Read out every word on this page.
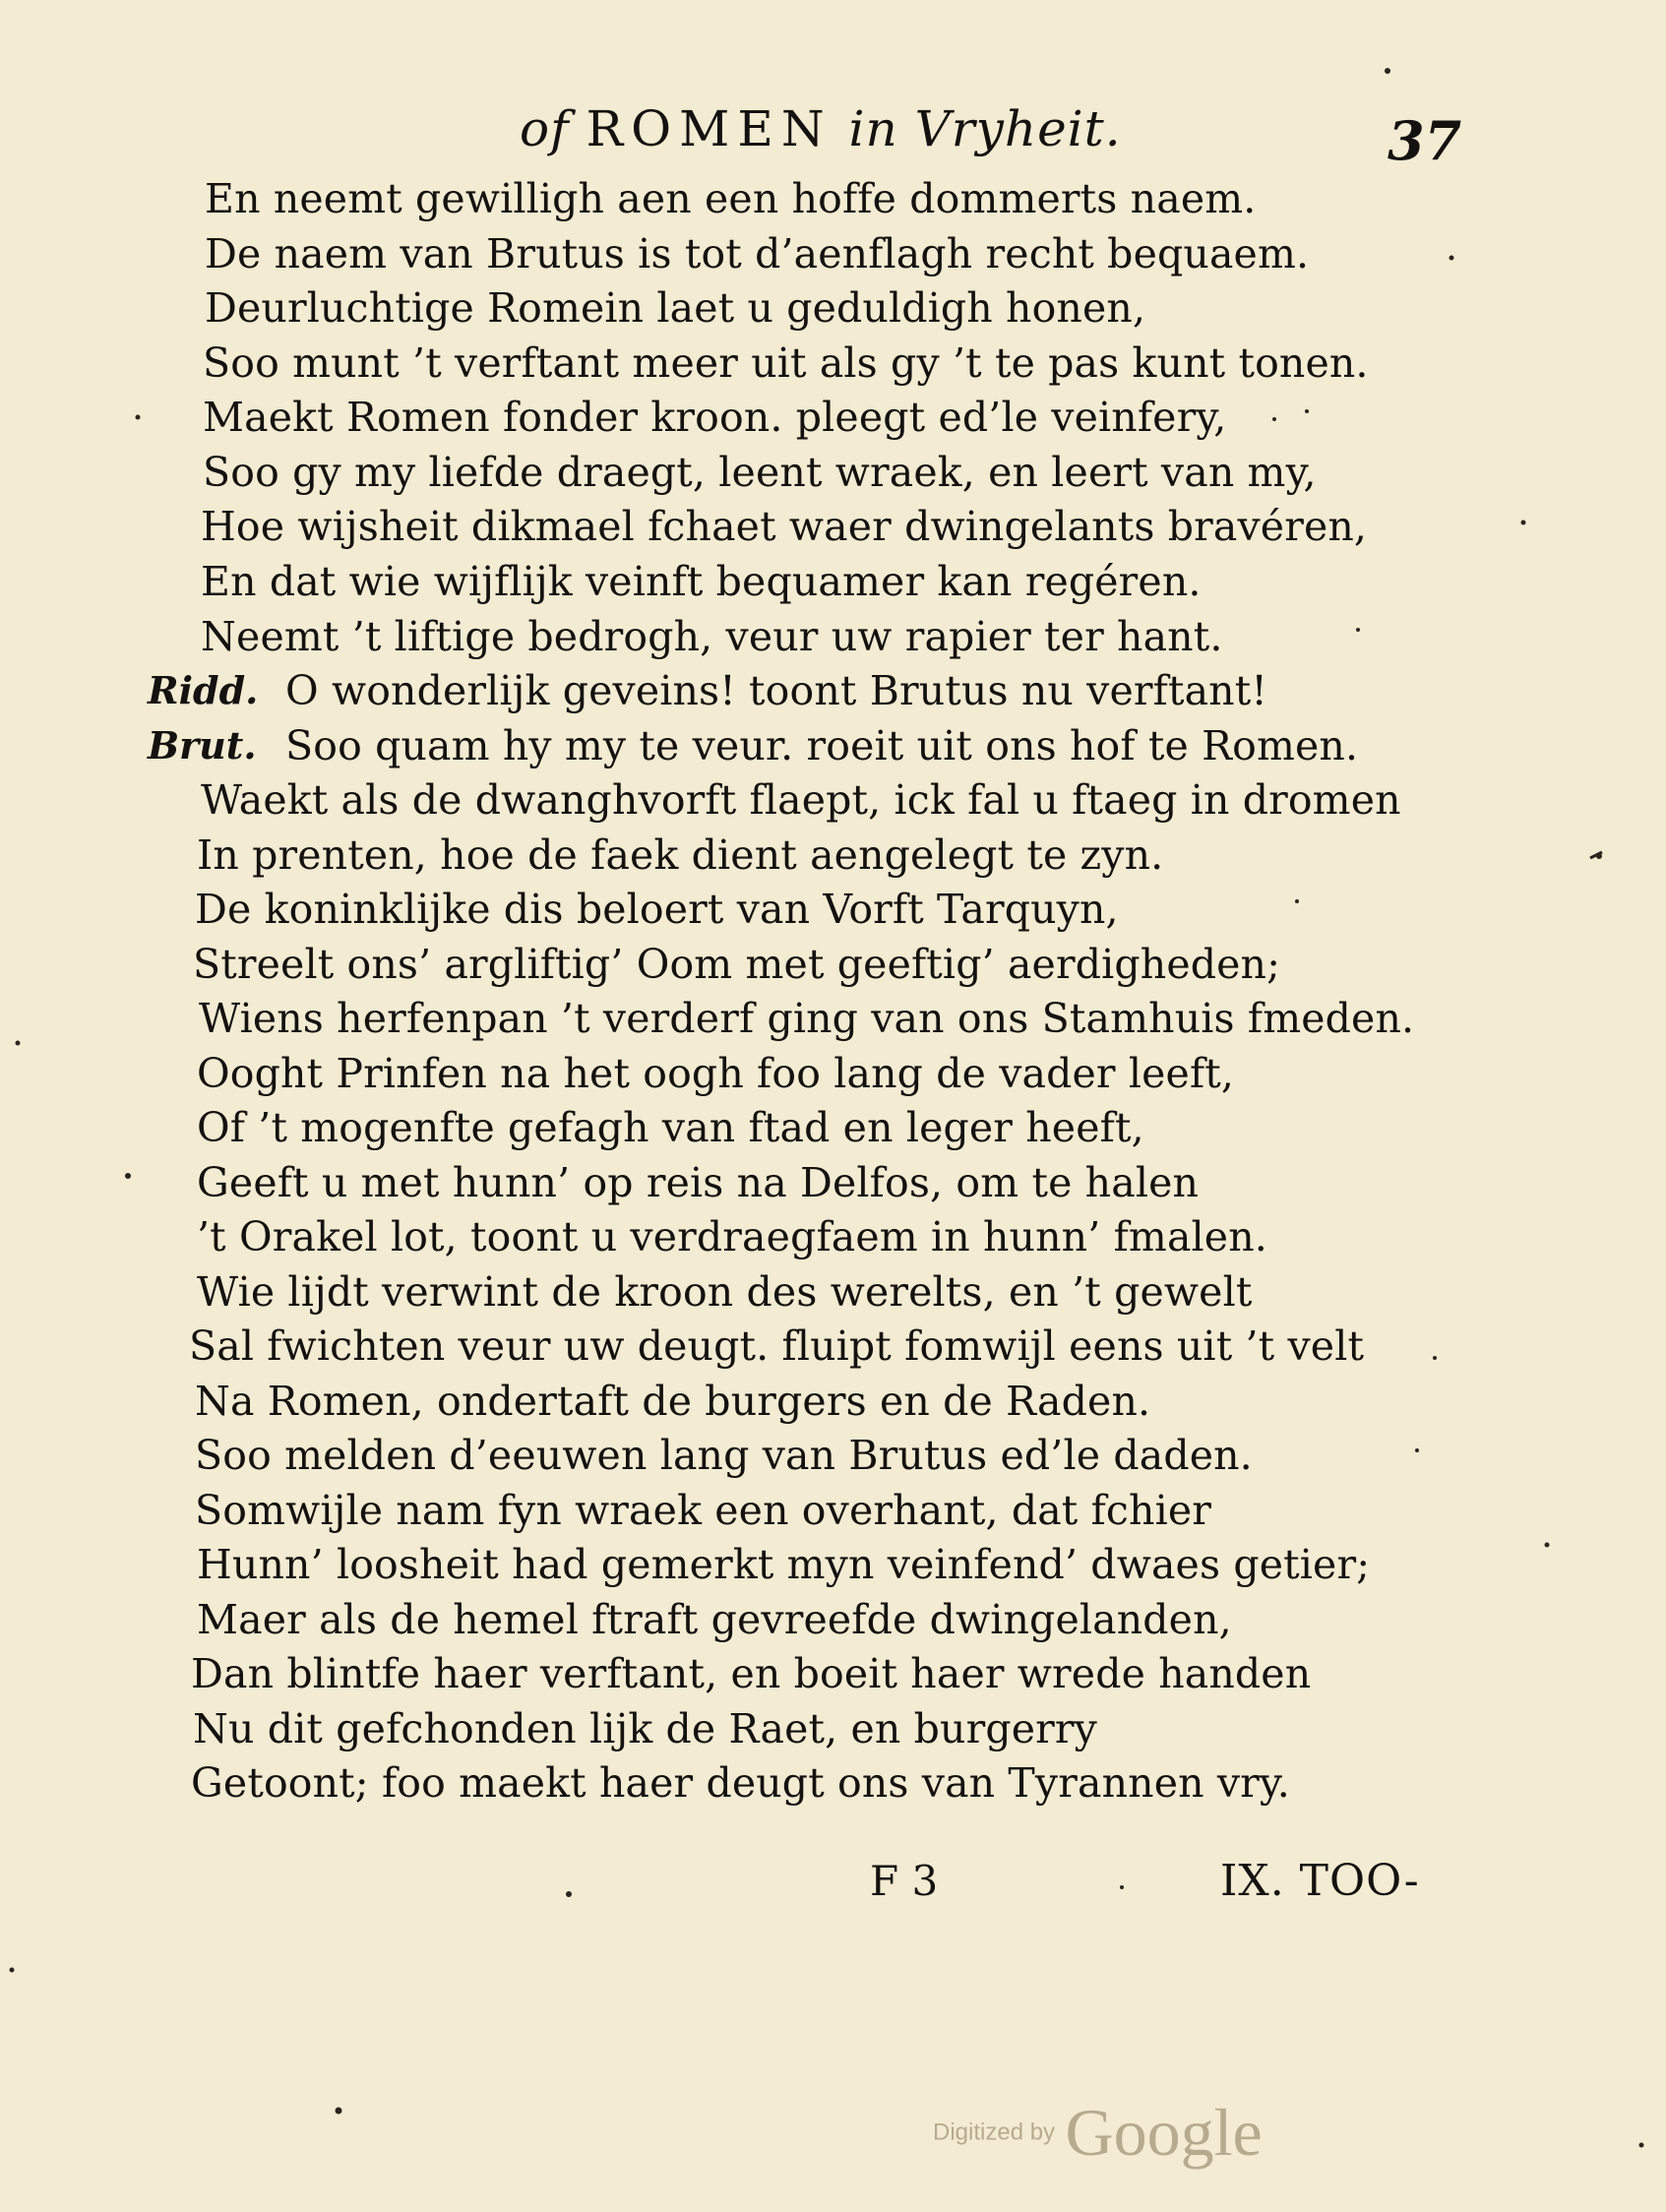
of ROMEN in Vryheit.	37
En neemt gewilligh aen een hoffe dommerts naem.
De naem van Brutus is tot d’aenflagh recht bequaem.
Deurluchtige Romein laet u geduldigh honen,
Soo munt ’t verftant meer uit als gy ’t te pas kunt tonen.
Maekt Romen fonder kroon. pleegt ed’le veinfery,
Soo gy my liefde draegt, leent wraek, en leert van my,
Hoe wijsheit dikmael fchaet waer dwingelants bravéren,
En dat wie wijflijk veinft bequamer kan regéren.
Neemt ’t liftige bedrogh, veur uw rapier ter hant.
Ridd. O wonderlijk geveins! toont Brutus nu verftant!
Brut. Soo quam hy my te veur. roeit uit ons hof te Romen.
Waekt als de dwanghvorft flaept, ick fal u ftaeg in dromen
In prenten, hoe de faek dient aengelegt te zyn.
De koninklijke dis beloert van Vorft Tarquyn,
Streelt ons’ argliftig’ Oom met geeftig’ aerdigheden;
Wiens herfenpan ’t verderf ging van ons Stamhuis fmeden.
Ooght Prinfen na het oogh foo lang de vader leeft,
Of ’t mogenfte gefagh van ftad en leger heeft,
Geeft u met hunn’ op reis na Delfos, om te halen
’t Orakel lot, toont u verdraegfaem in hunn’ fmalen.
Wie lijdt verwint de kroon des werelts, en ’t gewelt
Sal fwichten veur uw deugt. fluipt fomwijl eens uit ’t velt
Na Romen, ondertaft de burgers en de Raden.
Soo melden d’eeuwen lang van Brutus ed’le daden.
Somwijle nam fyn wraek een overhant, dat fchier
Hunn’ loosheit had gemerkt myn veinfend’ dwaes getier;
Maer als de hemel ftraft gevreefde dwingelanden,
Dan blintfe haer verftant, en boeit haer wrede handen
Nu dit gefchonden lijk de Raet, en burgerry
Getoont; foo maekt haer deugt ons van Tyrannen vry.
F 3	IX. TOO-
Digitized by Google
